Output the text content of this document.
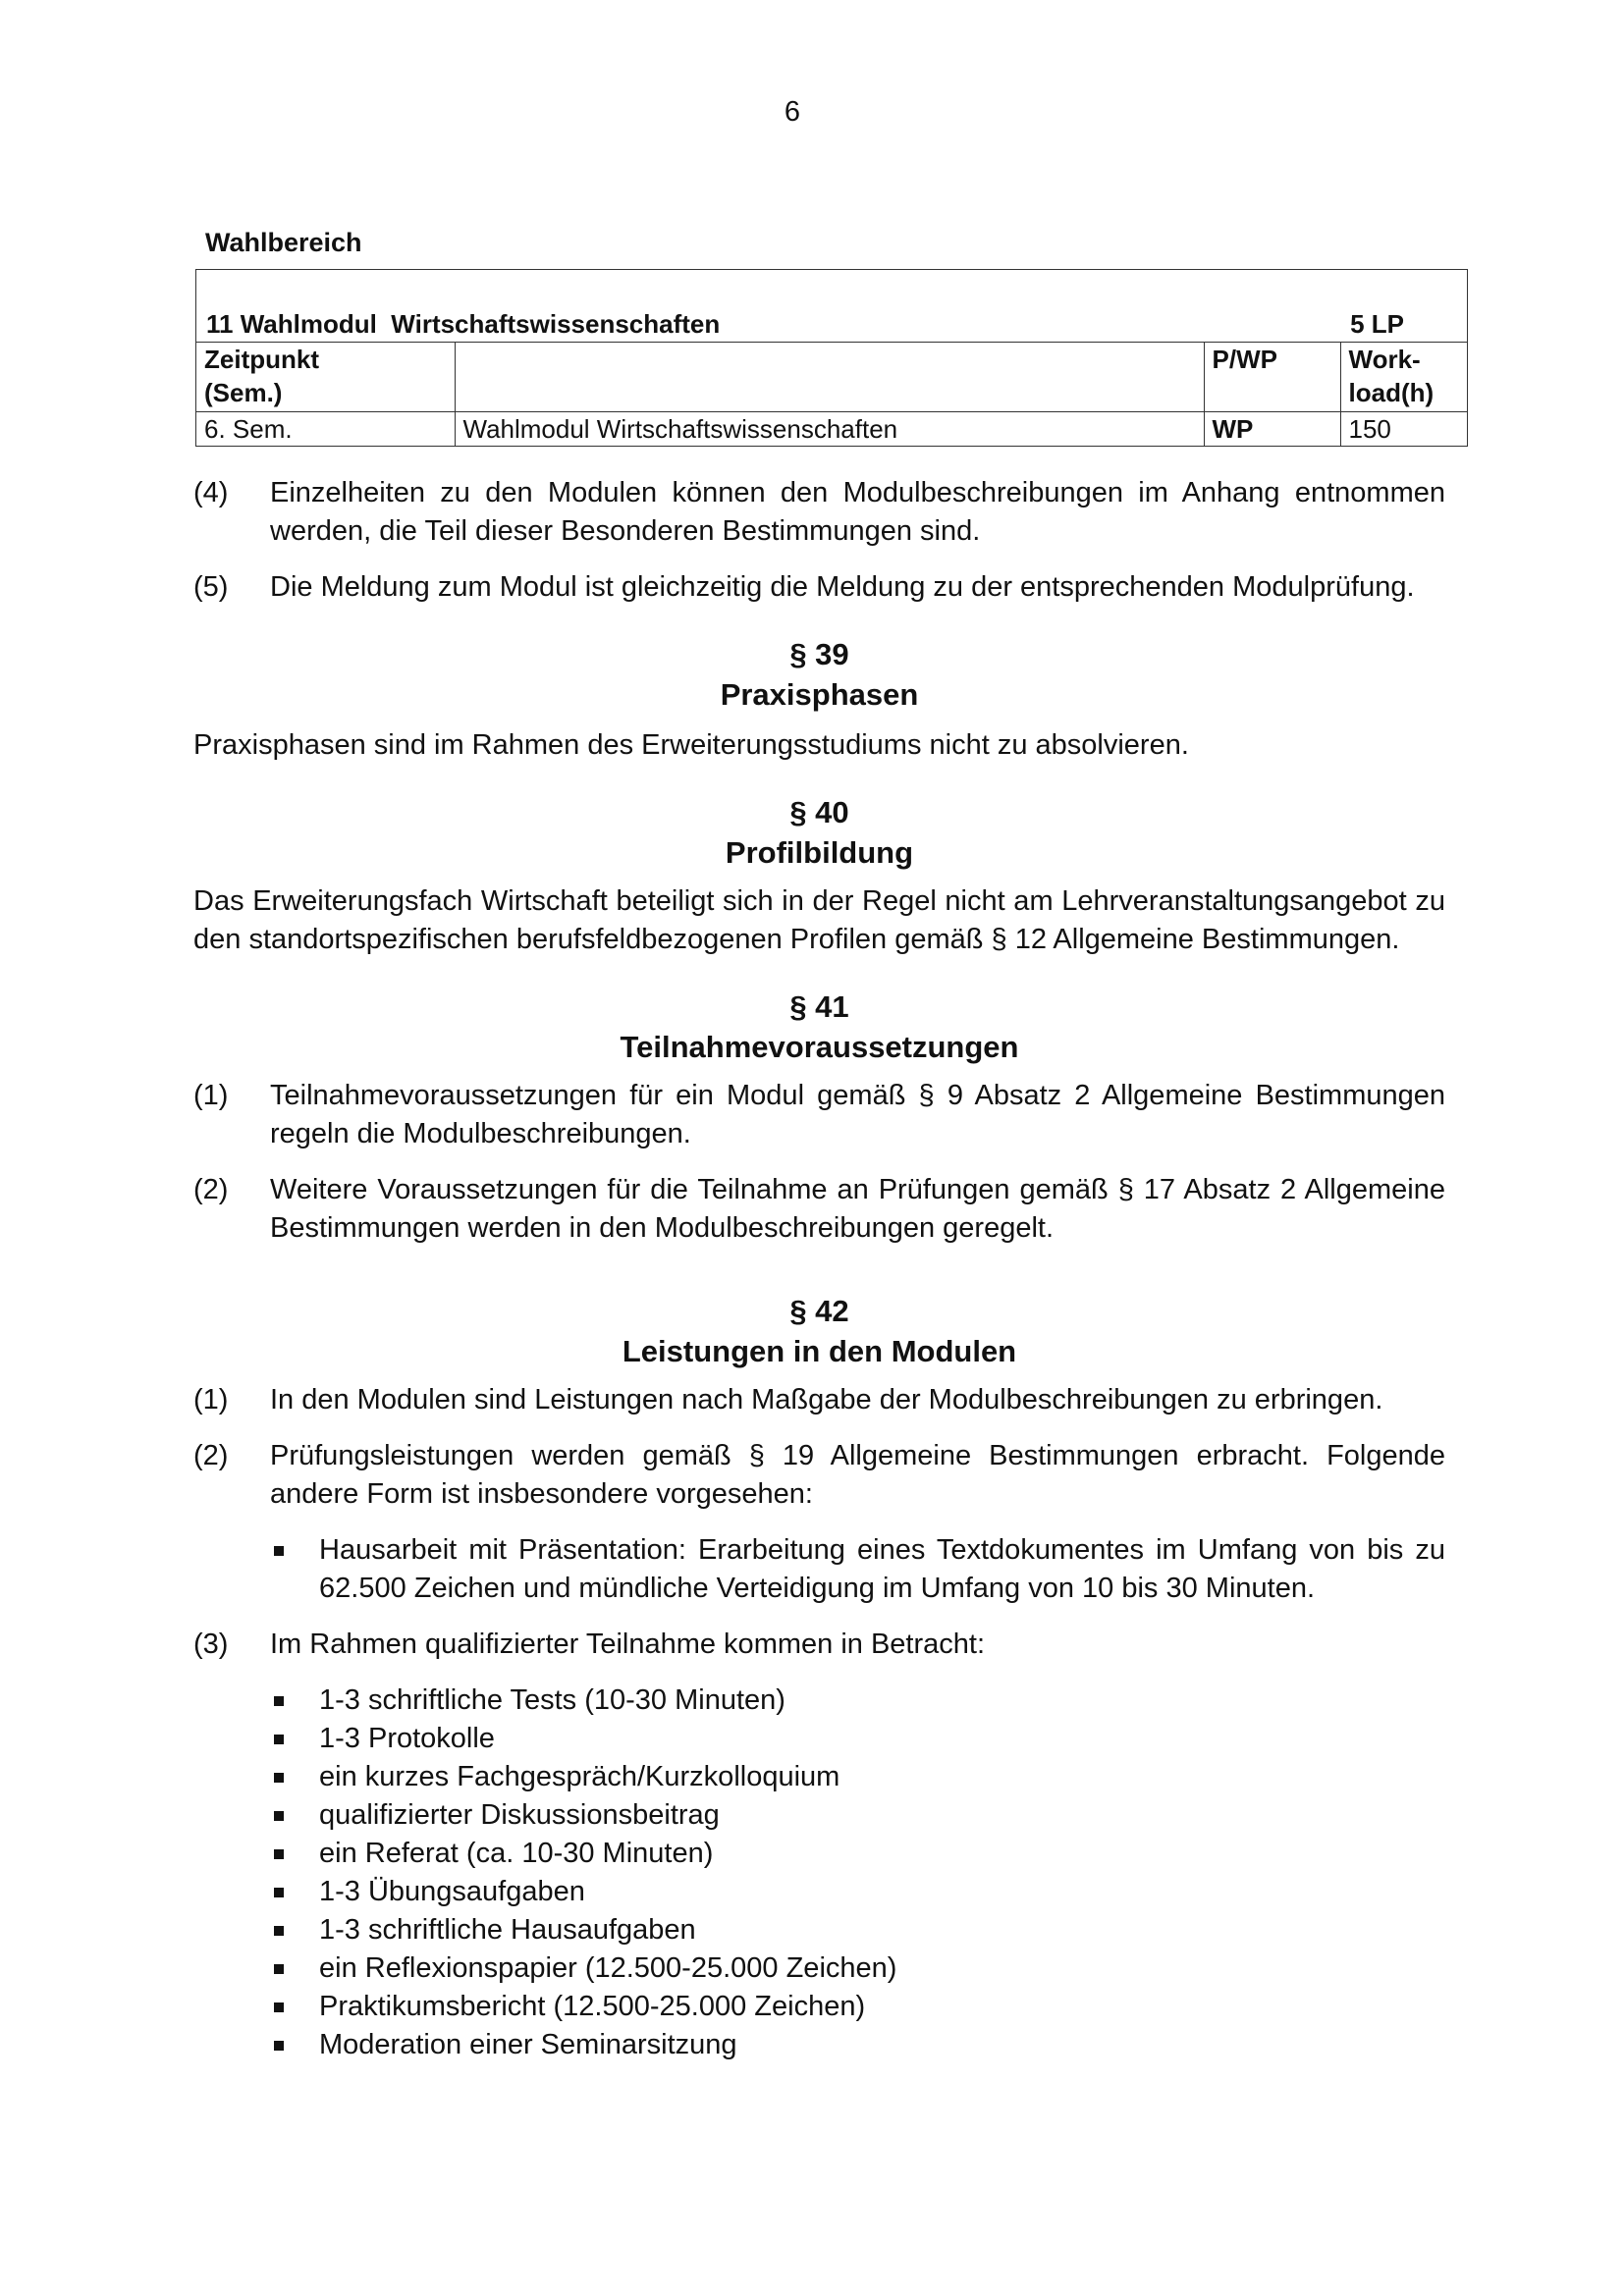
6
Wahlbereich
11 Wahlmodul  Wirtschaftswissenschaften	5 LP
Zeitpunkt (Sem.)		P/WP	Work-load(h)

6. Sem.	Wahlmodul Wirtschaftswissenschaften	WP	150
(4)	Einzelheiten zu den Modulen können den Modulbeschreibungen im Anhang entnommen werden, die Teil dieser Besonderen Bestimmungen sind.
(5)	Die Meldung zum Modul ist gleichzeitig die Meldung zu der entsprechenden Modulprüfung.
§ 39
Praxisphasen
Praxisphasen sind im Rahmen des Erweiterungsstudiums nicht zu absolvieren.
§ 40
Profilbildung
Das Erweiterungsfach Wirtschaft beteiligt sich in der Regel nicht am Lehrveranstaltungsangebot zu den standortspezifischen berufsfeldbezogenen Profilen gemäß § 12 Allgemeine Bestimmungen.
§ 41
Teilnahmevoraussetzungen
(1)	Teilnahmevoraussetzungen für ein Modul gemäß § 9 Absatz 2 Allgemeine Bestimmungen regeln die Modulbeschreibungen.
(2)	Weitere Voraussetzungen für die Teilnahme an Prüfungen gemäß § 17 Absatz 2 Allgemeine Bestimmungen werden in den Modulbeschreibungen geregelt.
§ 42
Leistungen in den Modulen
(1)	In den Modulen sind Leistungen nach Maßgabe der Modulbeschreibungen zu erbringen.
(2)	Prüfungsleistungen werden gemäß § 19 Allgemeine Bestimmungen erbracht. Folgende andere Form ist insbesondere vorgesehen:
Hausarbeit mit Präsentation: Erarbeitung eines Textdokumentes im Umfang von bis zu 62.500 Zeichen und mündliche Verteidigung im Umfang von 10 bis 30 Minuten.
(3)	Im Rahmen qualifizierter Teilnahme kommen in Betracht:
1-3 schriftliche Tests (10-30 Minuten)
1-3 Protokolle
ein kurzes Fachgespräch/Kurzkolloquium
qualifizierter Diskussionsbeitrag
ein Referat (ca. 10-30 Minuten)
1-3 Übungsaufgaben
1-3 schriftliche Hausaufgaben
ein Reflexionspapier (12.500-25.000 Zeichen)
Praktikumsbericht (12.500-25.000 Zeichen)
Moderation einer Seminarsitzung
